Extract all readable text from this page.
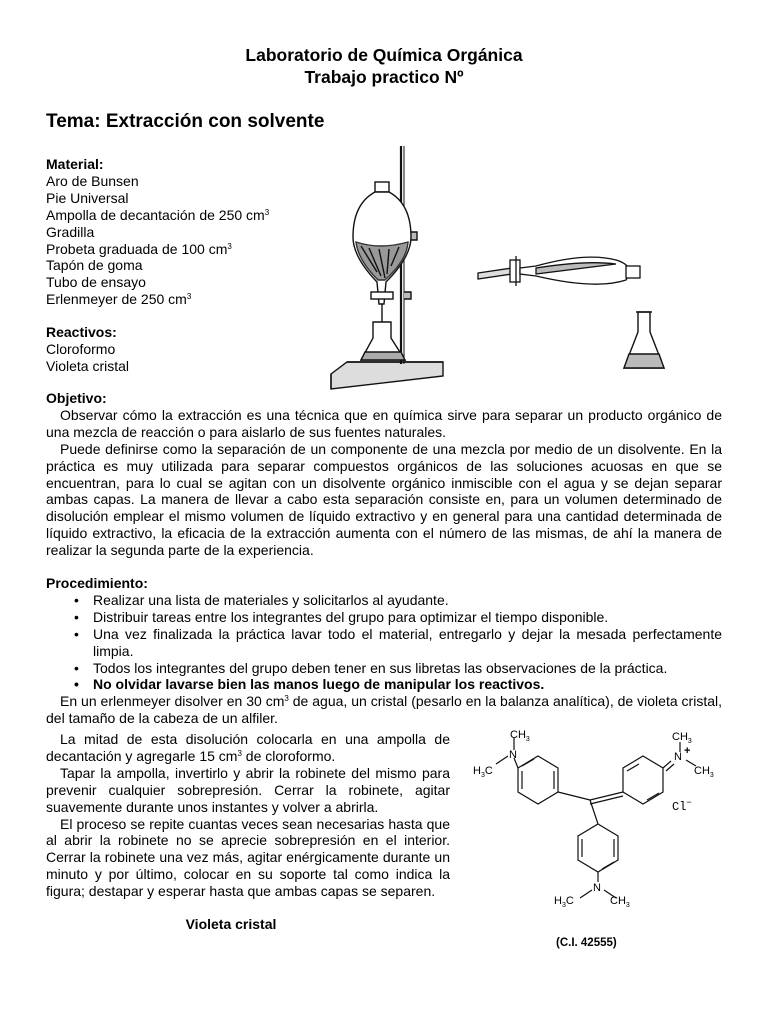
Laboratorio de Química Orgánica
Trabajo practico Nº
Tema: Extracción con solvente
Material:
Aro de Bunsen
Pie Universal
Ampolla de decantación de 250 $cm^3$
Gradilla
Probeta graduada de 100 $cm^3$
Tapón de goma
Tubo de ensayo
Erlenmeyer de 250 $cm^3$
Reactivos:
Cloroformo
Violeta cristal
Objetivo:
Observar cómo la extracción es una técnica que en química sirve para separar un producto orgánico de una mezcla de reacción o para aislarlo de sus fuentes naturales.
Puede definirse como la separación de un componente de una mezcla por medio de un disolvente. En la práctica es muy utilizada para separar compuestos orgánicos de las soluciones acuosas en que se encuentran, para lo cual se agitan con un disolvente orgánico inmiscible con el agua y se dejan separar ambas capas. La manera de llevar a cabo esta separación consiste en, para un volumen determinado de disolución emplear el mismo volumen de líquido extractivo y en general para una cantidad determinada de líquido extractivo, la eficacia de la extracción aumenta con el número de las mismas, de ahí la manera de realizar la segunda parte de la experiencia.
Procedimiento:
• Realizar una lista de materiales y solicitarlos al ayudante.
• Distribuir tareas entre los integrantes del grupo para optimizar el tiempo disponible.
• Una vez finalizada la práctica lavar todo el material, entregarlo y dejar la mesada perfectamente limpia.
• Todos los integrantes del grupo deben tener en sus libretas las observaciones de la práctica.
• No olvidar lavarse bien las manos luego de manipular los reactivos.
En un erlenmeyer disolver en 30 $cm^3$ de agua, un cristal (pesarlo en la balanza analítica), de violeta cristal, del tamaño de la cabeza de un alfiler.
La mitad de esta disolución colocarla en una ampolla de decantación y agregarle 15 $cm^3$ de cloroformo.
Tapar la ampolla, invertirlo y abrir la robinete del mismo para prevenir cualquier sobrepresión. Cerrar la robinete, agitar suavemente durante unos instantes y volver a abrirla.
El proceso se repite cuantas veces sean necesarias hasta que al abrir la robinete no se aprecie sobrepresión en el interior. Cerrar la robinete una vez más, agitar enérgicamente durante un minuto y por último, colocar en su soporte tal como indica la figura; destapar y esperar hasta que ambas capas se separen.
Violeta cristal
$CH_3$
N
$H_3C$
$CH_3$
N +
$CH_3$
Cl−
N
$H_3C$	$CH_3$
(C.I. 42555)
